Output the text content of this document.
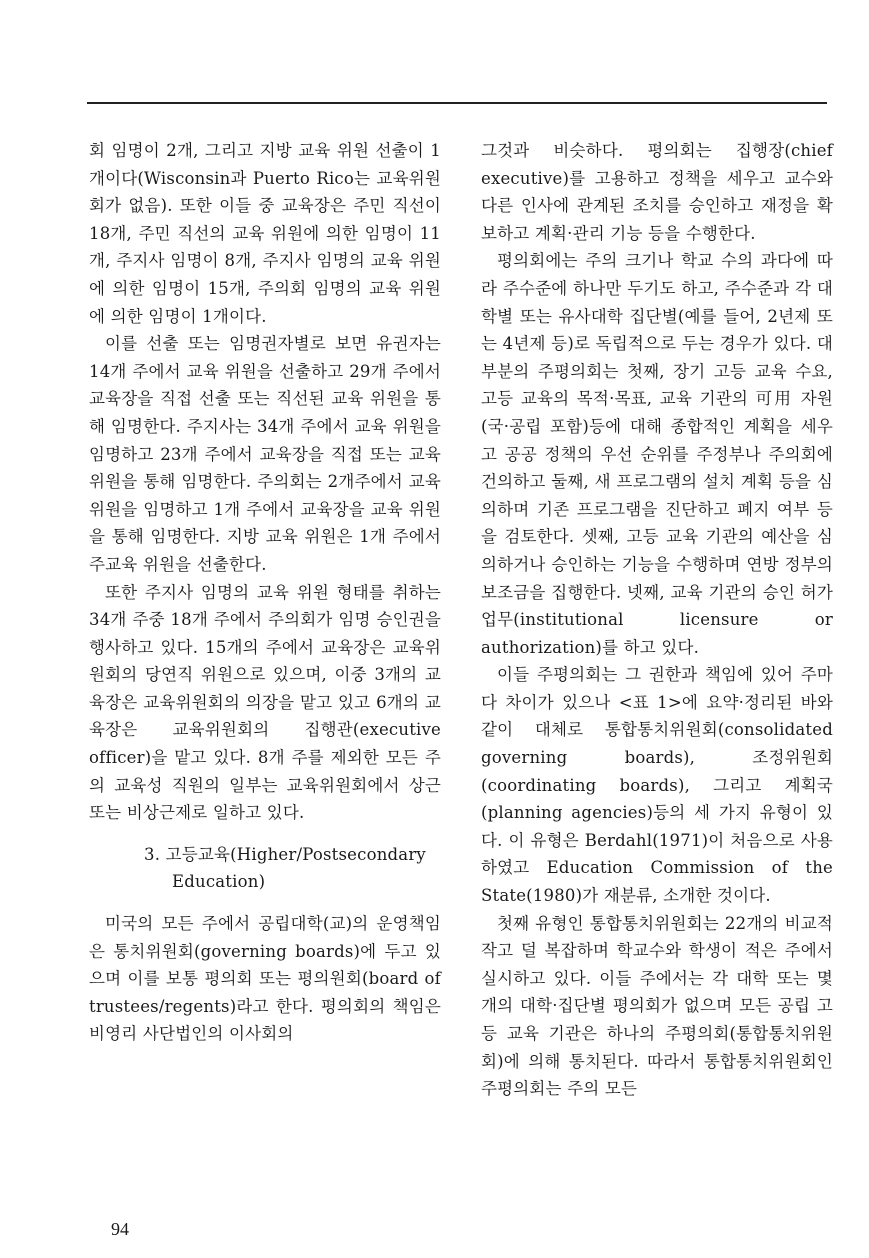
회 임명이 2개, 그리고 지방 교육 위원 선출이 1개이다(Wisconsin과 Puerto Rico는 교육위원회가 없음). 또한 이들 중 교육장은 주민 직선이 18개, 주민 직선의 교육 위원에 의한 임명이 11개, 주지사 임명이 8개, 주지사 임명의 교육 위원에 의한 임명이 15개, 주의회 임명의 교육 위원에 의한 임명이 1개이다.

이를 선출 또는 임명권자별로 보면 유권자는 14개 주에서 교육 위원을 선출하고 29개 주에서 교육장을 직접 선출 또는 직선된 교육 위원을 통해 임명한다. 주지사는 34개 주에서 교육 위원을 임명하고 23개 주에서 교육장을 직접 또는 교육 위원을 통해 임명한다. 주의회는 2개주에서 교육 위원을 임명하고 1개 주에서 교육장을 교육 위원을 통해 임명한다. 지방 교육 위원은 1개 주에서 주교육 위원을 선출한다.

또한 주지사 임명의 교육 위원 형태를 취하는 34개 주중 18개 주에서 주의회가 임명 승인권을 행사하고 있다. 15개의 주에서 교육장은 교육위원회의 당연직 위원으로 있으며, 이중 3개의 교육장은 교육위원회의 의장을 맡고 있고 6개의 교육장은 교육위원회의 집행관(executive officer)을 맡고 있다. 8개 주를 제외한 모든 주의 교육성 직원의 일부는 교육위원회에서 상근 또는 비상근제로 일하고 있다.

3. 고등교육(Higher/Postsecondary
Education)

미국의 모든 주에서 공립대학(교)의 운영책임은 통치위원회(governing boards)에 두고 있으며 이를 보통 평의회 또는 평의원회(board of trustees/regents)라고 한다. 평의회의 책임은 비영리 사단법인의 이사회의

그것과 비슷하다. 평의회는 집행장(chief executive)를 고용하고 정책을 세우고 교수와 다른 인사에 관계된 조치를 승인하고 재정을 확보하고 계획·관리 기능 등을 수행한다.

평의회에는 주의 크기나 학교 수의 과다에 따라 주수준에 하나만 두기도 하고, 주수준과 각 대학별 또는 유사대학 집단별(예를 들어, 2년제 또는 4년제 등)로 독립적으로 두는 경우가 있다. 대부분의 주평의회는 첫째, 장기 고등 교육 수요, 고등 교육의 목적·목표, 교육 기관의 可用 자원(국·공립 포함)등에 대해 종합적인 계획을 세우고 공공 정책의 우선 순위를 주정부나 주의회에 건의하고 둘째, 새 프로그램의 설치 계획 등을 심의하며 기존 프로그램을 진단하고 폐지 여부 등을 검토한다. 셋째, 고등 교육 기관의 예산을 심의하거나 승인하는 기능을 수행하며 연방 정부의 보조금을 집행한다. 넷째, 교육 기관의 승인 허가 업무(institutional licensure or authorization)를 하고 있다.

이들 주평의회는 그 권한과 책임에 있어 주마다 차이가 있으나 <표 1>에 요약·정리된 바와 같이 대체로 통합통치위원회(consolidated governing boards), 조정위원회(coordinating boards), 그리고 계획국(planning agencies)등의 세 가지 유형이 있다. 이 유형은 Berdahl(1971)이 처음으로 사용하였고 Education Commission of the State(1980)가 재분류, 소개한 것이다.

첫째 유형인 통합통치위원회는 22개의 비교적 작고 덜 복잡하며 학교수와 학생이 적은 주에서 실시하고 있다. 이들 주에서는 각 대학 또는 몇 개의 대학·집단별 평의회가 없으며 모든 공립 고등 교육 기관은 하나의 주평의회(통합통치위원회)에 의해 통치된다. 따라서 통합통치위원회인 주평의회는 주의 모든

94
